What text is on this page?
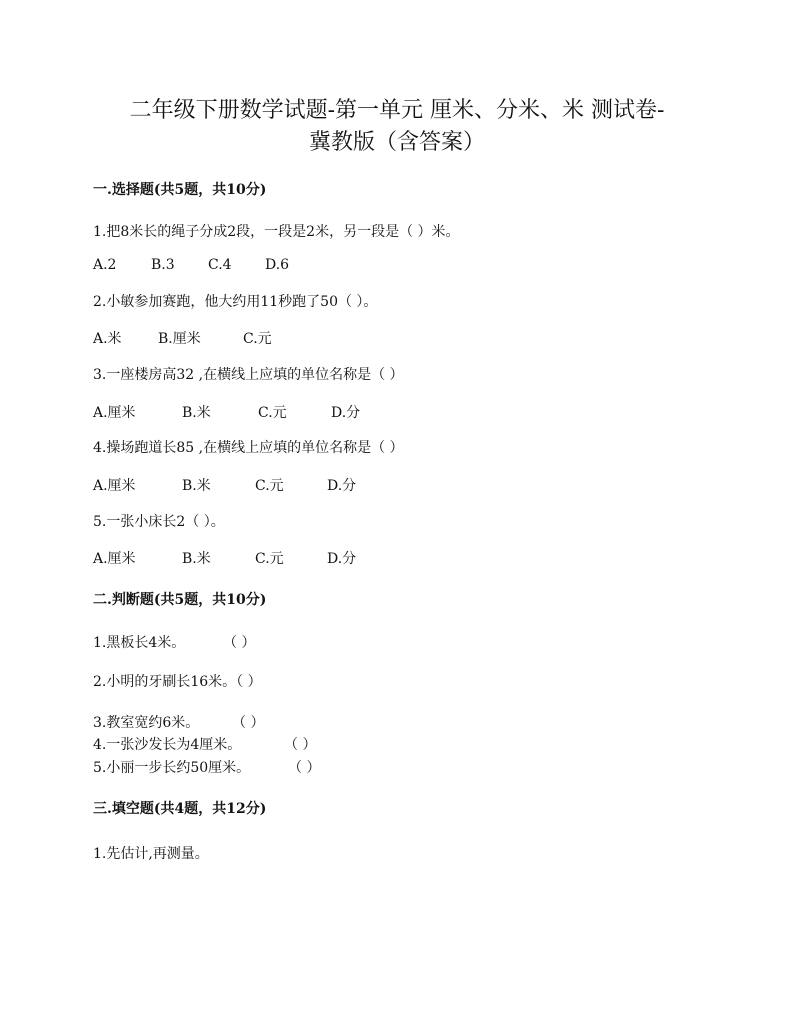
二年级下册数学试题-第一单元 厘米、分米、米 测试卷-
冀教版（含答案）
一.选择题(共5题，共10分)
1.把8米长的绳子分成2段，一段是2米，另一段是（ ）米。
A.2 B.3 C.4 D.6
2.小敏参加赛跑，他大约用11秒跑了50（ ）。
A.米	B.厘米	C.元
3.一座楼房高32 ,在横线上应填的单位名称是（ ）
A.厘米	B.米	C.元	D.分
4.操场跑道长85 ,在横线上应填的单位名称是（ ）
A.厘米	B.米	C.元	D.分
5.一张小床长2（ ）。
A.厘米	B.米	C.元	D.分
二.判断题(共5题，共10分)
1.黑板长4米。	（ ）
2.小明的牙刷长16米。（ ）
3.教室宽约6米。 （ ）
4.一张沙发长为4厘米。	（ ）
5.小丽一步长约50厘米。	（ ）
三.填空题(共4题，共12分)
1.先估计,再测量。
